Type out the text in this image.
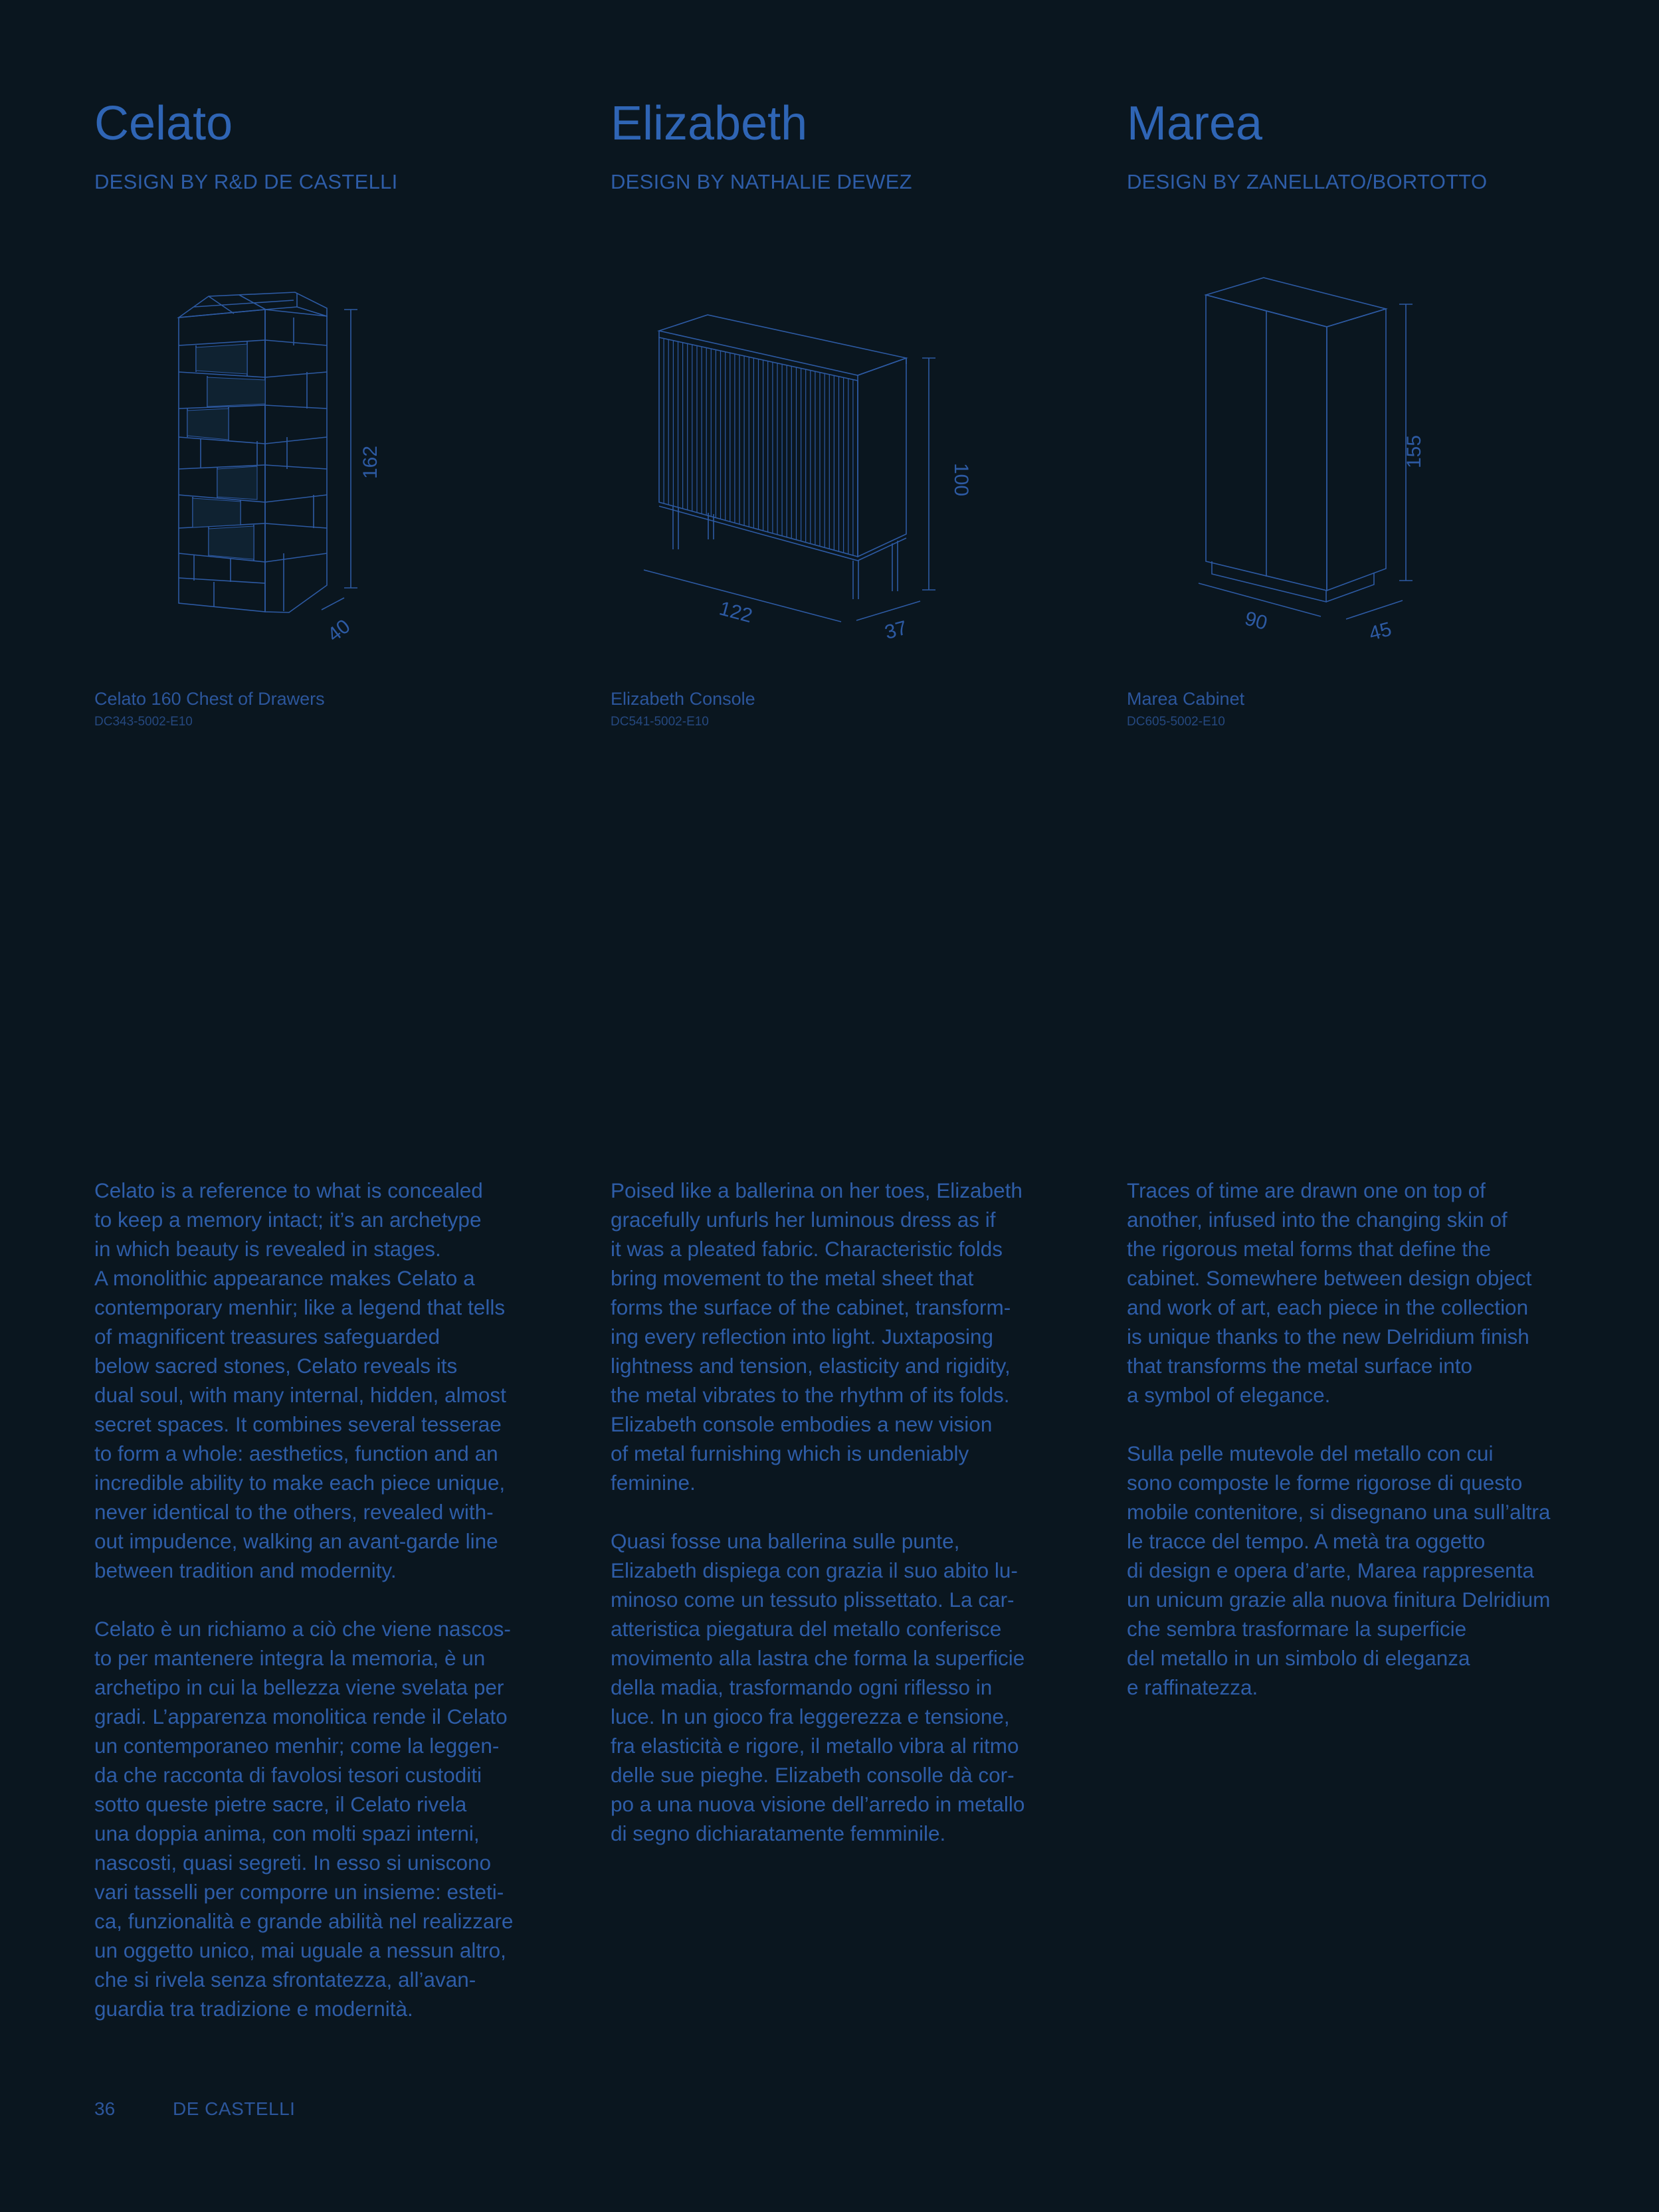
Celato
DESIGN BY R&D DE CASTELLI
162
40
Celato 160 Chest of Drawers
DC343-5002-E10

Celato is a reference to what is concealed
to keep a memory intact; it’s an archetype
in which beauty is revealed in stages.
A monolithic appearance makes Celato a
contemporary menhir; like a legend that tells
of magnificent treasures safeguarded
below sacred stones, Celato reveals its
dual soul, with many internal, hidden, almost
secret spaces. It combines several tesserae
to form a whole: aesthetics, function and an
incredible ability to make each piece unique,
never identical to the others, revealed with-
out impudence, walking an avant-garde line
between tradition and modernity.

Celato è un richiamo a ciò che viene nascos-
to per mantenere integra la memoria, è un
archetipo in cui la bellezza viene svelata per
gradi. L’apparenza monolitica rende il Celato
un contemporaneo menhir; come la leggen-
da che racconta di favolosi tesori custoditi
sotto queste pietre sacre, il Celato rivela
una doppia anima, con molti spazi interni,
nascosti, quasi segreti. In esso si uniscono
vari tasselli per comporre un insieme: esteti-
ca, funzionalità e grande abilità nel realizzare
un oggetto unico, mai uguale a nessun altro,
che si rivela senza sfrontatezza, all’avan-
guardia tra tradizione e modernità.

Elizabeth
DESIGN BY NATHALIE DEWEZ
100
122
37
Elizabeth Console
DC541-5002-E10

Poised like a ballerina on her toes, Elizabeth
gracefully unfurls her luminous dress as if
it was a pleated fabric. Characteristic folds
bring movement to the metal sheet that
forms the surface of the cabinet, transform-
ing every reflection into light. Juxtaposing
lightness and tension, elasticity and rigidity,
the metal vibrates to the rhythm of its folds.
Elizabeth console embodies a new vision
of metal furnishing which is undeniably
feminine.

Quasi fosse una ballerina sulle punte,
Elizabeth dispiega con grazia il suo abito lu-
minoso come un tessuto plissettato. La car-
atteristica piegatura del metallo conferisce
movimento alla lastra che forma la superficie
della madia, trasformando ogni riflesso in
luce. In un gioco fra leggerezza e tensione,
fra elasticità e rigore, il metallo vibra al ritmo
delle sue pieghe. Elizabeth consolle dà cor-
po a una nuova visione dell’arredo in metallo
di segno dichiaratamente femminile.

Marea
DESIGN BY ZANELLATO/BORTOTTO
155
90	45
Marea Cabinet
DC605-5002-E10

Traces of time are drawn one on top of
another, infused into the changing skin of
the rigorous metal forms that define the
cabinet. Somewhere between design object
and work of art, each piece in the collection
is unique thanks to the new Delridium finish
that transforms the metal surface into
a symbol of elegance.

Sulla pelle mutevole del metallo con cui
sono composte le forme rigorose di questo
mobile contenitore, si disegnano una sull’altra
le tracce del tempo. A metà tra oggetto
di design e opera d’arte, Marea rappresenta
un unicum grazie alla nuova finitura Delridium
che sembra trasformare la superficie
del metallo in un simbolo di eleganza
e raffinatezza.

36	DE CASTELLI
